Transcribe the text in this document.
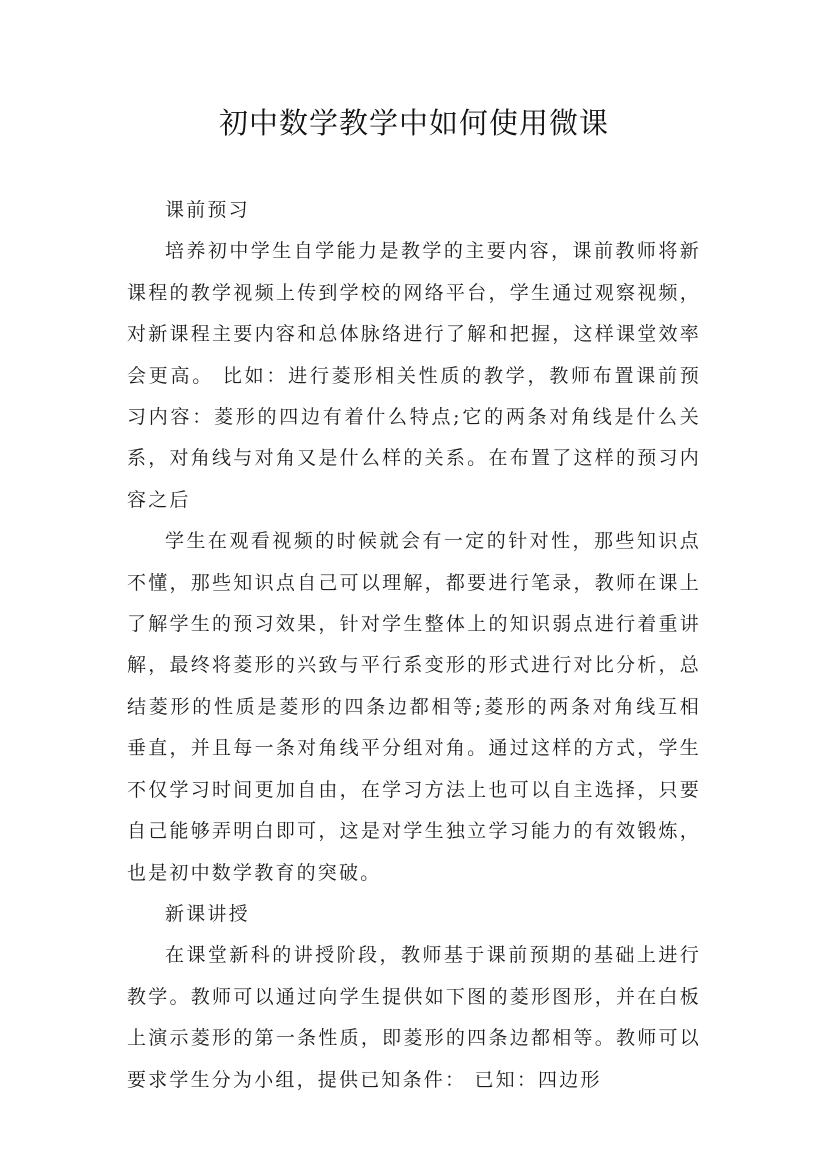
初中数学教学中如何使用微课

课前预习

培养初中学生自学能力是教学的主要内容，课前教师将新课程的教学视频上传到学校的网络平台，学生通过观察视频，对新课程主要内容和总体脉络进行了解和把握，这样课堂效率会更高。 比如：进行菱形相关性质的教学，教师布置课前预习内容：菱形的四边有着什么特点;它的两条对角线是什么关系，对角线与对角又是什么样的关系。在布置了这样的预习内容之后

学生在观看视频的时候就会有一定的针对性，那些知识点不懂，那些知识点自己可以理解，都要进行笔录，教师在课上了解学生的预习效果，针对学生整体上的知识弱点进行着重讲解，最终将菱形的兴致与平行系变形的形式进行对比分析，总结菱形的性质是菱形的四条边都相等;菱形的两条对角线互相垂直，并且每一条对角线平分组对角。通过这样的方式，学生不仅学习时间更加自由，在学习方法上也可以自主选择，只要自己能够弄明白即可，这是对学生独立学习能力的有效锻炼，也是初中数学教育的突破。

新课讲授

在课堂新科的讲授阶段，教师基于课前预期的基础上进行教学。教师可以通过向学生提供如下图的菱形图形，并在白板上演示菱形的第一条性质，即菱形的四条边都相等。教师可以要求学生分为小组，提供已知条件： 已知：四边形
